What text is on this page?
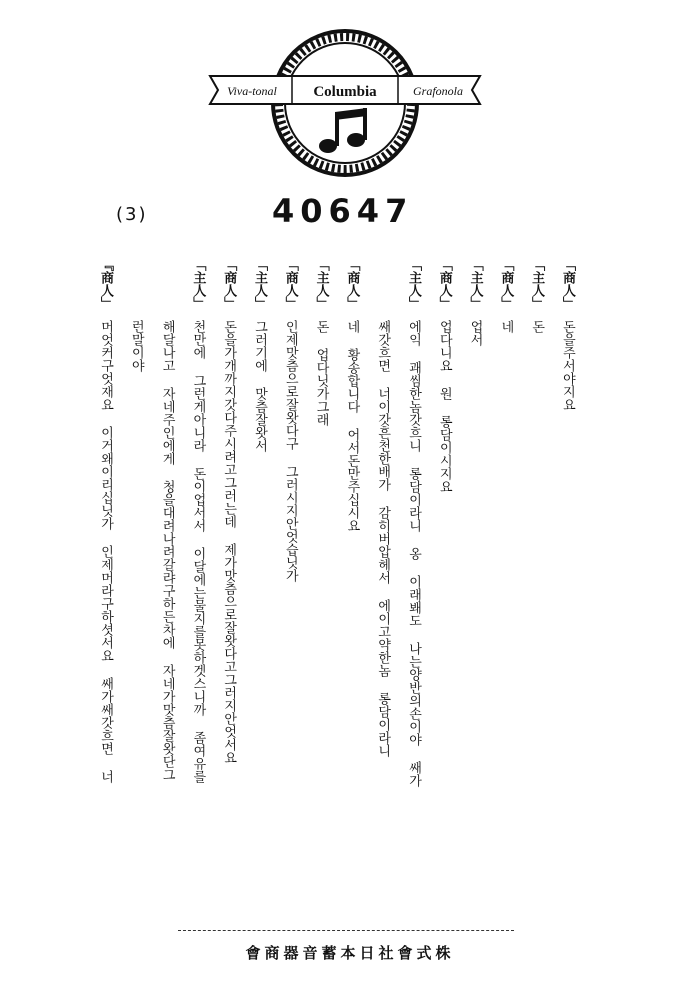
Viva-tonal Columbia	Grafonola
(3)	40647
「商人」돈을주서야지요
「主人」돈
「商人」네
「主人」업서
「商人」업다니요 원 롱담이시지요
「主人」에익 괘씸한놈갓흐니 롱담이라니 옹 이래봬도 나는양반의손이야 쌔가
쌔갓흐면 너이갓흔천한배가 감히버압헤서 에이고약한놈 롱담이라니
「商人」네 황송합니다 어서돈만주십시요
「主人」돈 업다닛가그래
「商人」인제맛츰으로잘왓다구 그러시지안엇습닛가
「主人」그러기에 맛츰잘왓서
「商人」돈을가개까지갓다주시려고그러는데 제가맛츰으로잘왓다고그러지안엇서요
「主人」천만에 그런게아니라 돈이업서서 이달에는물지를못하겟스니까 좀여유를
해달나고 자네주인에게 청을대려나려갈랴구하든차에 자네가맛츰잘왓단그
런말이야
『商人」머엇커구엇재요 이거왜이리십닛가 인제머라구하셧서요 쌔가쌔갓흐면 너
會商器音蓄本日社會式株
